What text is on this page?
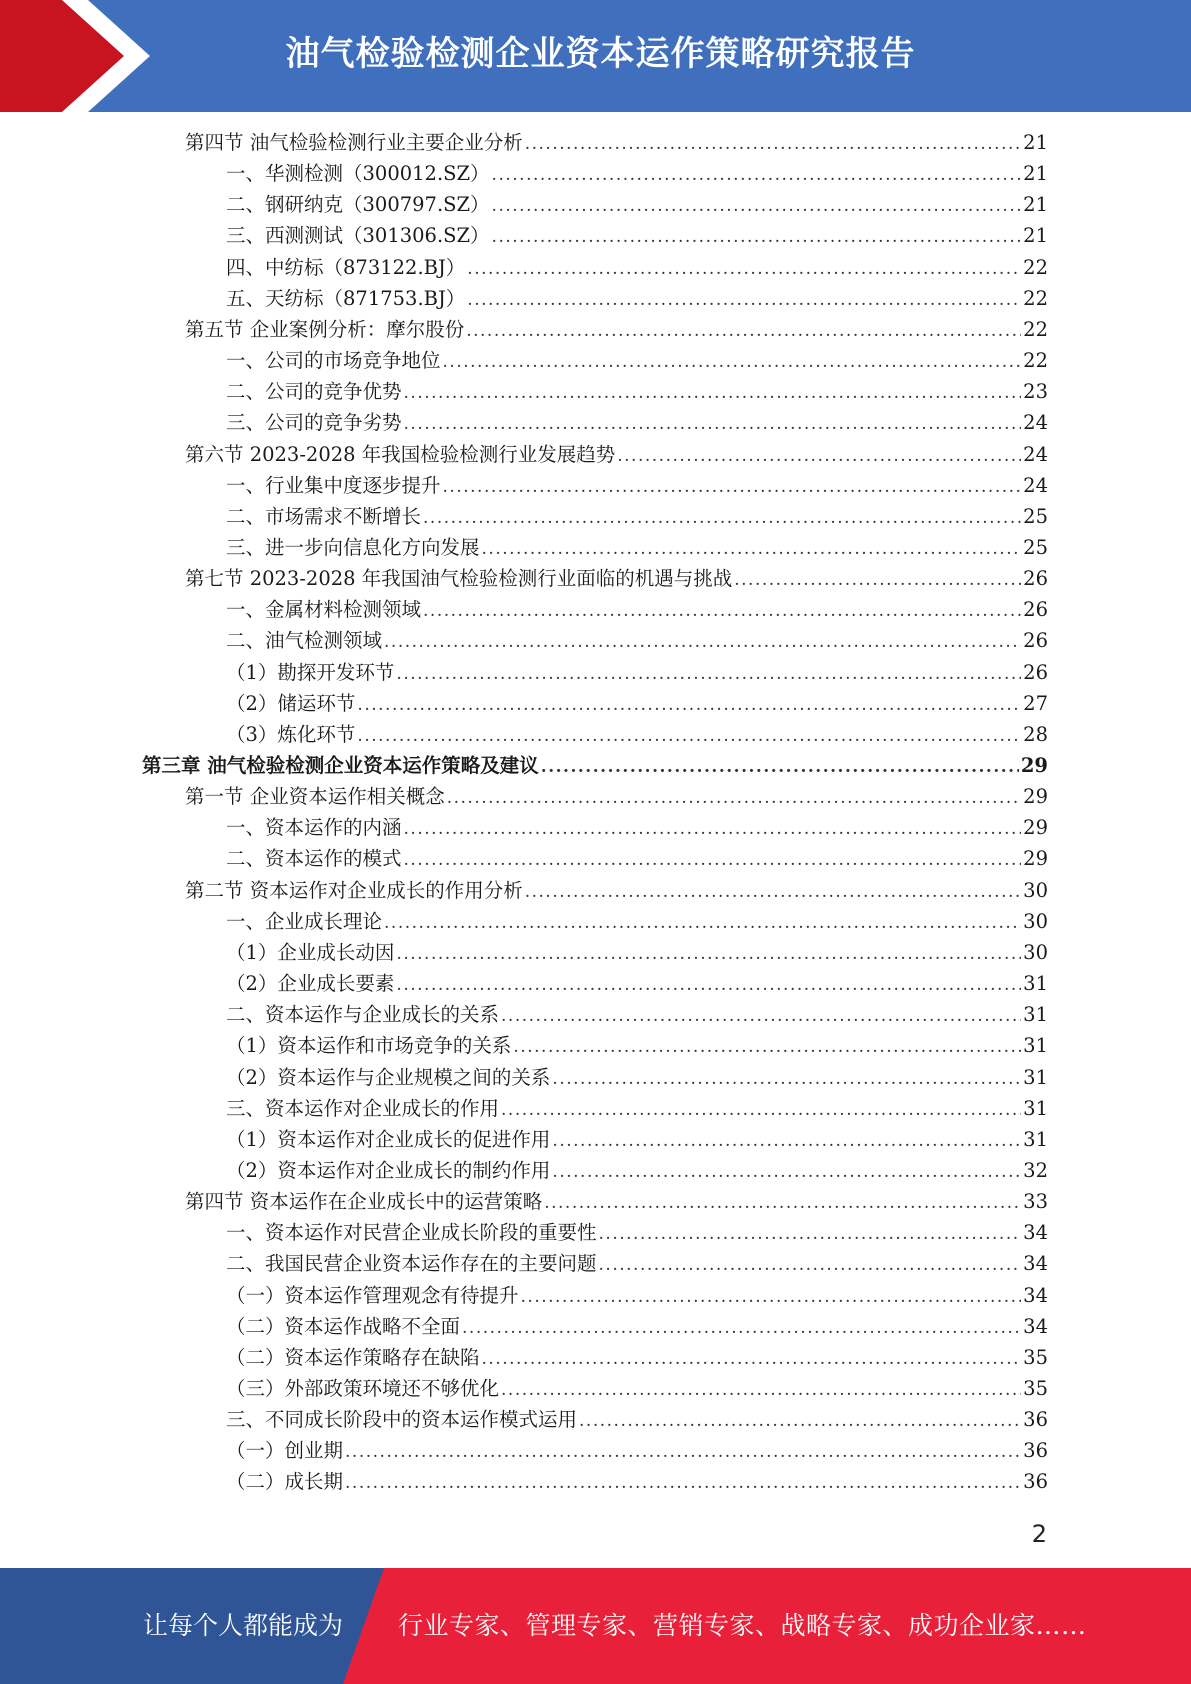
油气检验检测企业资本运作策略研究报告
第四节 油气检验检测行业主要企业分析 .....	21
一、华测检测（300012.SZ） .....	21
二、钢研纳克（300797.SZ） .....	21
三、西测测试（301306.SZ） .....	21
四、中纺标（873122.BJ） .....	22
五、天纺标（871753.BJ） .....	22
第五节 企业案例分析：摩尔股份 .....	22
一、公司的市场竞争地位 .....	22
二、公司的竞争优势 .....	23
三、公司的竞争劣势 .....	24
第六节 2023-2028 年我国检验检测行业发展趋势 .....	24
一、行业集中度逐步提升 .....	24
二、市场需求不断增长 .....	25
三、进一步向信息化方向发展 .....	25
第七节 2023-2028 年我国油气检验检测行业面临的机遇与挑战 .....	26
一、金属材料检测领域 .....	26
二、油气检测领域 .....	26
（1）勘探开发环节 .....	26
（2）储运环节 .....	27
（3）炼化环节 .....	28
第三章 油气检验检测企业资本运作策略及建议 .....	29
第一节 企业资本运作相关概念 .....	29
一、资本运作的内涵 .....	29
二、资本运作的模式 .....	29
第二节 资本运作对企业成长的作用分析 .....	30
一、企业成长理论 .....	30
（1）企业成长动因 .....	30
（2）企业成长要素 .....	31
二、资本运作与企业成长的关系 .....	31
（1）资本运作和市场竞争的关系 .....	31
（2）资本运作与企业规模之间的关系 .....	31
三、资本运作对企业成长的作用 .....	31
（1）资本运作对企业成长的促进作用 .....	31
（2）资本运作对企业成长的制约作用 .....	32
第四节 资本运作在企业成长中的运营策略 .....	33
一、资本运作对民营企业成长阶段的重要性 .....	34
二、我国民营企业资本运作存在的主要问题 .....	34
（一）资本运作管理观念有待提升 .....	34
（二）资本运作战略不全面 .....	34
（二）资本运作策略存在缺陷 .....	35
（三）外部政策环境还不够优化 .....	35
三、不同成长阶段中的资本运作模式运用 .....	36
（一）创业期 .....	36
（二）成长期 .....	36
2
让每个人都能成为 行业专家、管理专家、营销专家、战略专家、成功企业家……
